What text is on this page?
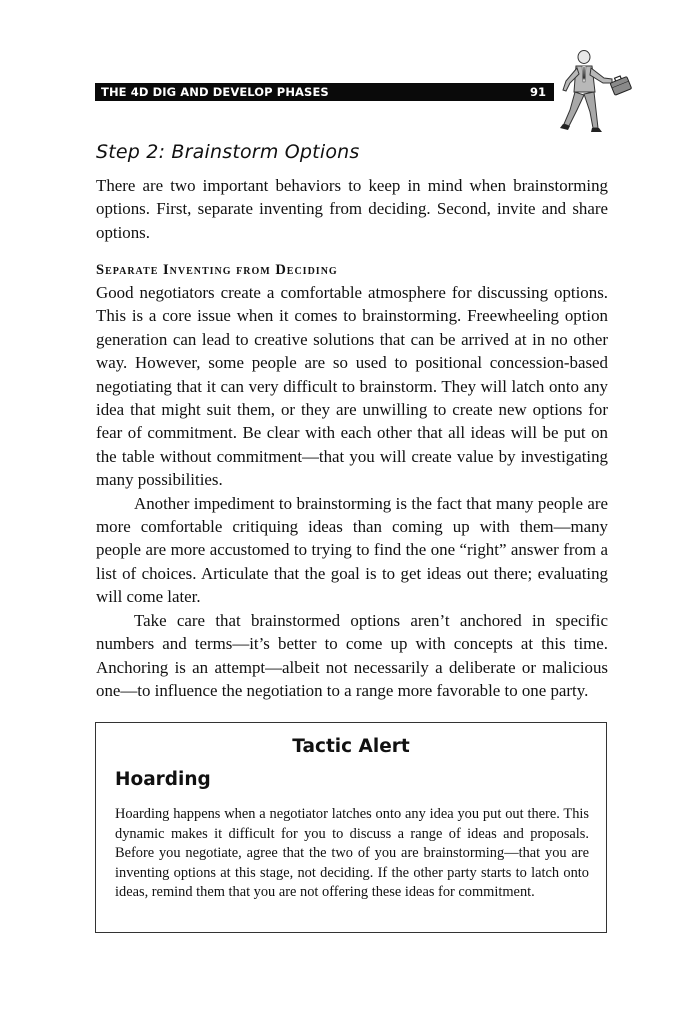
THE 4D DIG AND DEVELOP PHASES	91
Step 2: Brainstorm Options

There are two important behaviors to keep in mind when brainstorming options. First, separate inventing from deciding. Second, invite and share options.

Separate Inventing from Deciding

Good negotiators create a comfortable atmosphere for discussing options. This is a core issue when it comes to brainstorming. Freewheeling option generation can lead to creative solutions that can be arrived at in no other way. However, some people are so used to positional concession-based negotiating that it can very difficult to brainstorm. They will latch onto any idea that might suit them, or they are unwilling to create new options for fear of commitment. Be clear with each other that all ideas will be put on the table without commitment—that you will create value by investigating many possibilities.

Another impediment to brainstorming is the fact that many people are more comfortable critiquing ideas than coming up with them—many people are more accustomed to trying to find the one “right” answer from a list of choices. Articulate that the goal is to get ideas out there; evaluating will come later.

Take care that brainstormed options aren’t anchored in specific numbers and terms—it’s better to come up with concepts at this time. Anchoring is an attempt—albeit not necessarily a deliberate or malicious one—to influence the negotiation to a range more favorable to one party.

Tactic Alert
Hoarding

Hoarding happens when a negotiator latches onto any idea you put out there. This dynamic makes it difficult for you to discuss a range of ideas and proposals. Before you negotiate, agree that the two of you are brainstorming—that you are inventing options at this stage, not deciding. If the other party starts to latch onto ideas, remind them that you are not offering these ideas for commitment.
